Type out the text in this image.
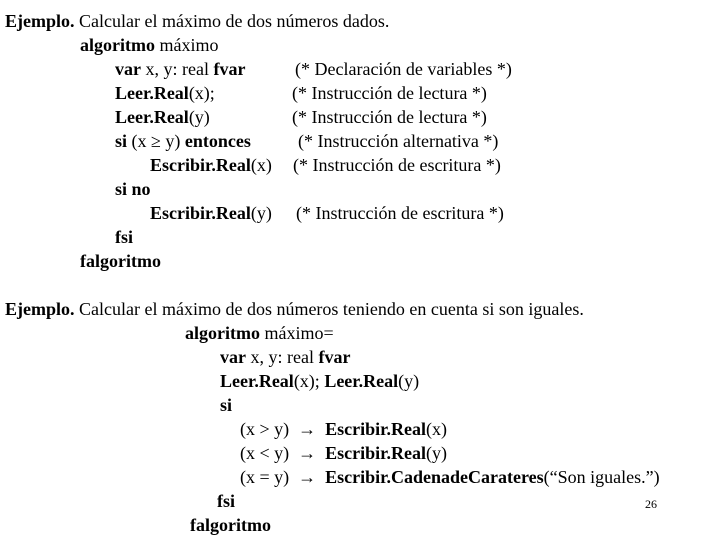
Ejemplo. Calcular el máximo de dos números dados.
algoritmo máximo
var x, y: real fvar	(* Declaración de variables *)
Leer.Real(x);	(* Instrucción de lectura *)
Leer.Real(y)	(* Instrucción de lectura *)
si (x ≥ y) entonces	(* Instrucción alternativa *)
Escribir.Real(x) (* Instrucción de escritura *)
si no
Escribir.Real(y) (* Instrucción de escritura *)
fsi
falgoritmo
Ejemplo. Calcular el máximo de dos números teniendo en cuenta si son iguales.
algoritmo máximo=
var x, y: real fvar
Leer.Real(x); Leer.Real(y)
si
(x > y)  →  Escribir.Real(x)
(x < y)  →  Escribir.Real(y)
(x = y)  →  Escribir.CadenadeCarateres(“Son iguales.”)
fsi	26
falgoritmo
